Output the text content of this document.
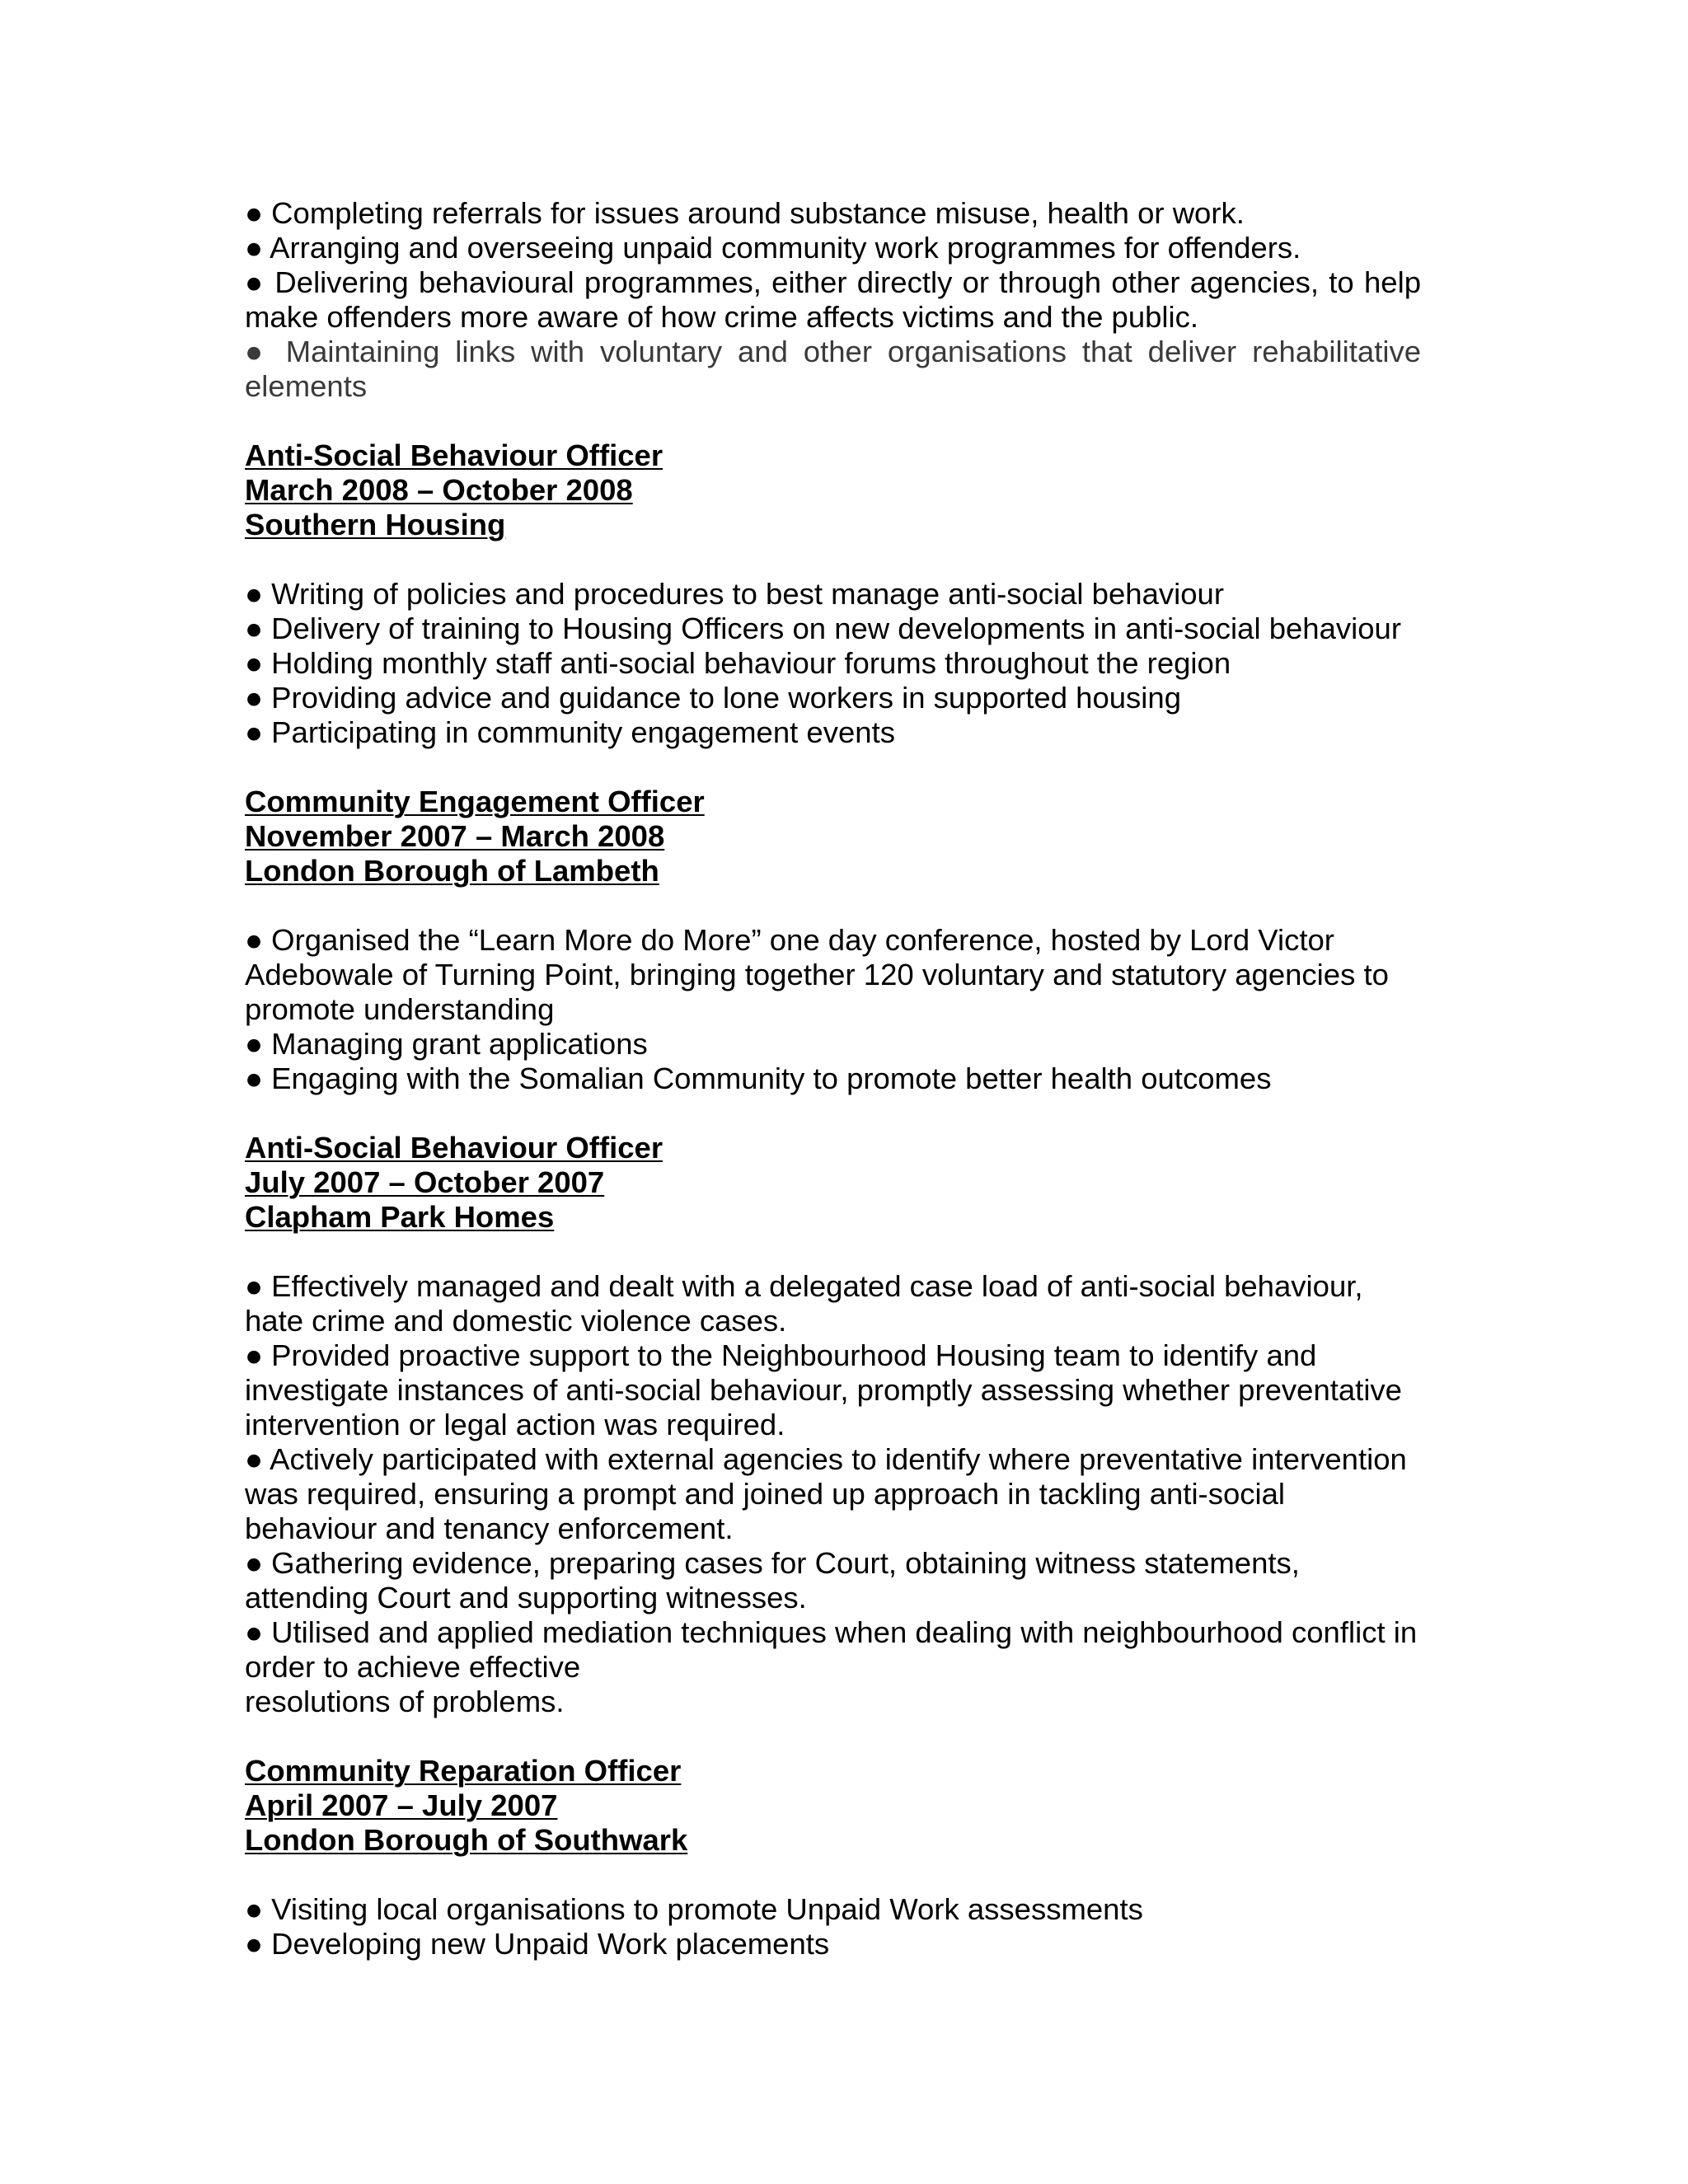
● Completing referrals for issues around substance misuse, health or work.

● Arranging and overseeing unpaid community work programmes for offenders.

● Delivering behavioural programmes, either directly or through other agencies, to help make offenders more aware of how crime affects victims and the public.

● Maintaining links with voluntary and other organisations that deliver rehabilitative elements

Anti-Social Behaviour Officer

March 2008 – October 2008

Southern Housing

● Writing of policies and procedures to best manage anti-social behaviour

● Delivery of training to Housing Officers on new developments in anti-social behaviour

● Holding monthly staff anti-social behaviour forums throughout the region

● Providing advice and guidance to lone workers in supported housing

● Participating in community engagement events

Community Engagement Officer

November 2007 – March 2008

London Borough of Lambeth

● Organised the “Learn More do More” one day conference, hosted by Lord Victor Adebowale of Turning Point, bringing together 120 voluntary and statutory agencies to promote understanding

● Managing grant applications

● Engaging with the Somalian Community to promote better health outcomes

Anti-Social Behaviour Officer

July 2007 – October 2007

Clapham Park Homes

● Effectively managed and dealt with a delegated case load of anti-social behaviour, hate crime and domestic violence cases.

● Provided proactive support to the Neighbourhood Housing team to identify and investigate instances of anti-social behaviour, promptly assessing whether preventative intervention or legal action was required.

● Actively participated with external agencies to identify where preventative intervention was required, ensuring a prompt and joined up approach in tackling anti-social behaviour and tenancy enforcement.

● Gathering evidence, preparing cases for Court, obtaining witness statements, attending Court and supporting witnesses.

● Utilised and applied mediation techniques when dealing with neighbourhood conflict in order to achieve effective

resolutions of problems.

Community Reparation Officer

April 2007 – July 2007

London Borough of Southwark

● Visiting local organisations to promote Unpaid Work assessments

● Developing new Unpaid Work placements
